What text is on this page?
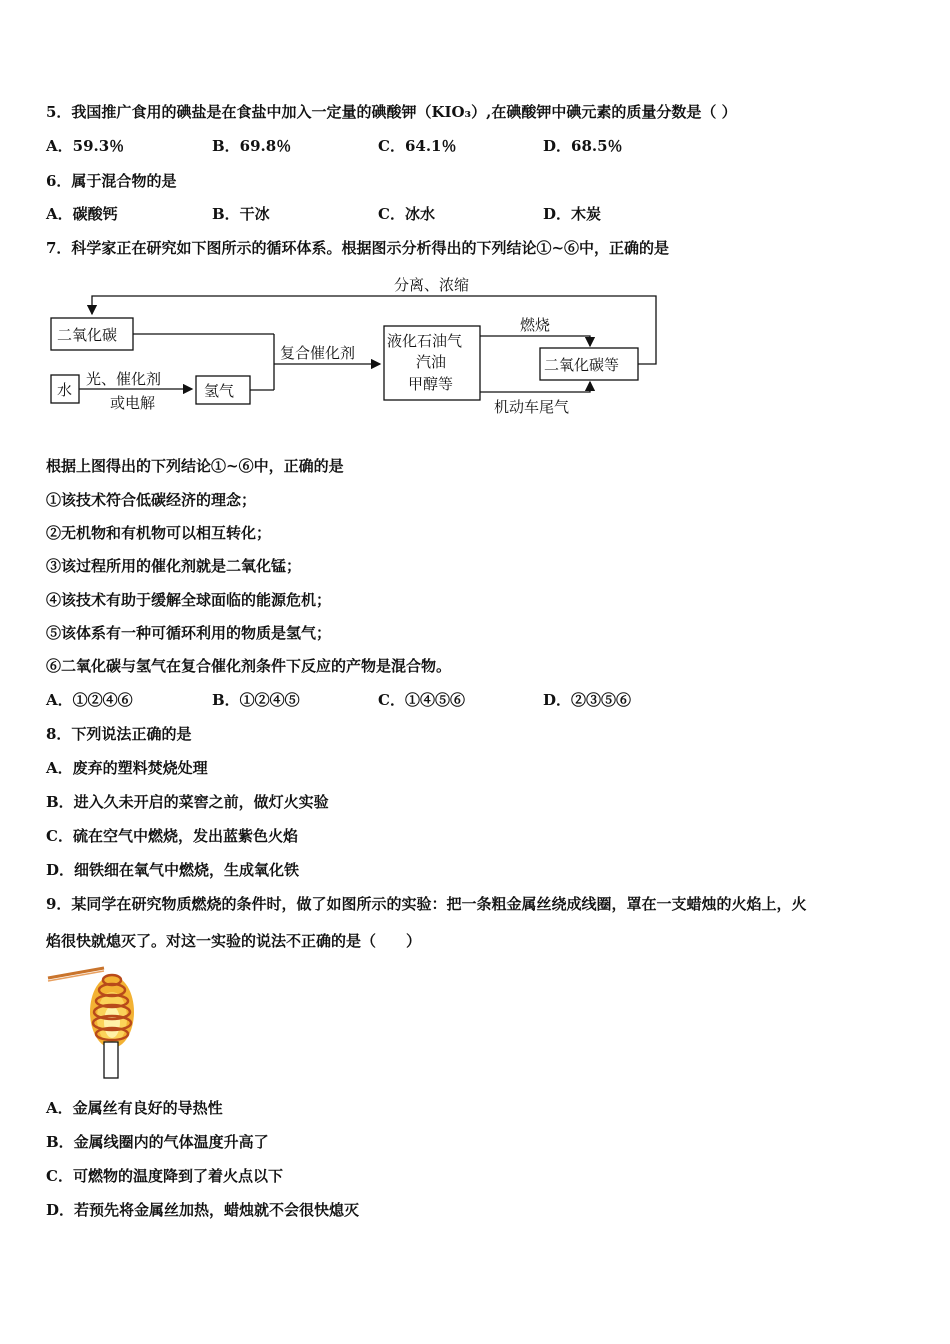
5．我国推广食用的碘盐是在食盐中加入一定量的碘酸钾（KIO₃）,在碘酸钾中碘元素的质量分数是（ ）
A．59.3％	B．69.8％	C．64.1％	D．68.5％
6．属于混合物的是
A．碳酸钙	B．干冰	C．冰水	D．木炭
7．科学家正在研究如下图所示的循环体系。根据图示分析得出的下列结论①~⑥中，正确的是
分离、浓缩
二氧化碳
水
光、催化剂
或电解
氢气
复合催化剂
液化石油气
汽油
甲醇等
燃烧
机动车尾气
二氧化碳等
根据上图得出的下列结论①~⑥中，正确的是
①该技术符合低碳经济的理念；
②无机物和有机物可以相互转化；
③该过程所用的催化剂就是二氧化锰；
④该技术有助于缓解全球面临的能源危机；
⑤该体系有一种可循环利用的物质是氢气；
⑥二氧化碳与氢气在复合催化剂条件下反应的产物是混合物。
A．①②④⑥	B．①②④⑤	C．①④⑤⑥	D．②③⑤⑥
8．下列说法正确的是
A．废弃的塑料焚烧处理
B．进入久未开启的菜窖之前，做灯火实验
C．硫在空气中燃烧，发出蓝紫色火焰
D．细铁细在氧气中燃烧，生成氧化铁
9．某同学在研究物质燃烧的条件时，做了如图所示的实验：把一条粗金属丝绕成线圈，罩在一支蜡烛的火焰上，火
焰很快就熄灭了。对这一实验的说法不正确的是（　　）
A．金属丝有良好的导热性
B．金属线圈内的气体温度升高了
C．可燃物的温度降到了着火点以下
D．若预先将金属丝加热，蜡烛就不会很快熄灭
